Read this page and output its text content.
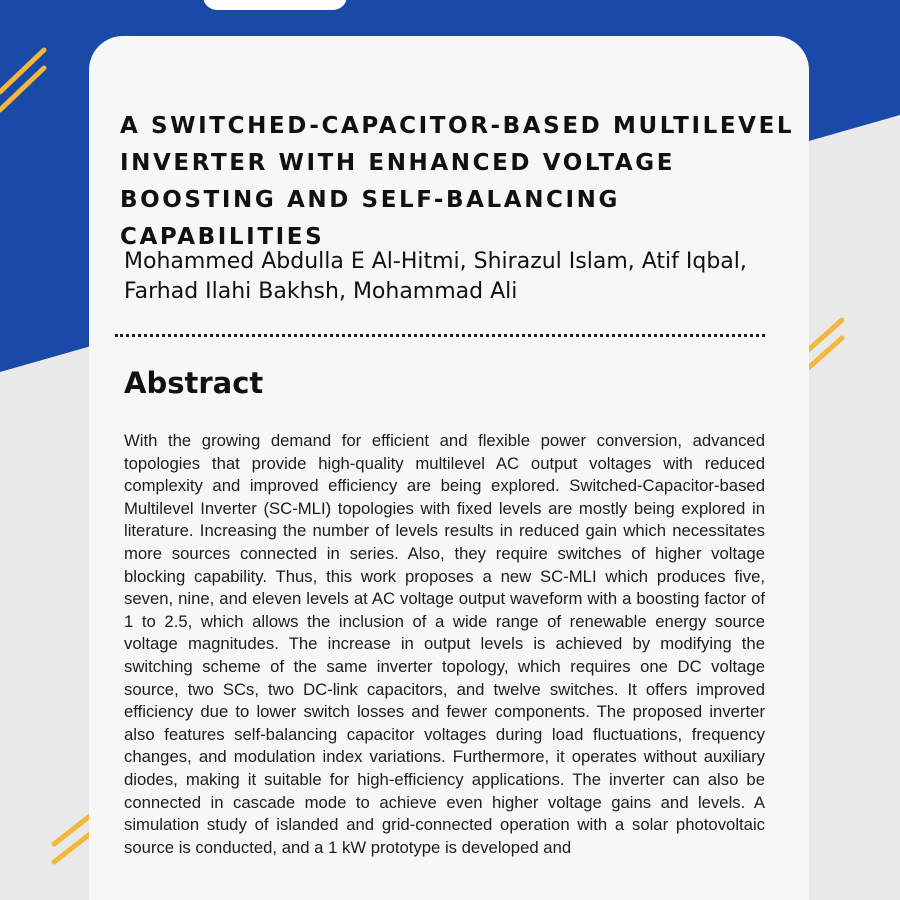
A SWITCHED-CAPACITOR-BASED MULTILEVEL INVERTER WITH ENHANCED VOLTAGE BOOSTING AND SELF-BALANCING CAPABILITIES

Mohammed Abdulla E Al-Hitmi, Shirazul Islam, Atif Iqbal, Farhad Ilahi Bakhsh, Mohammad Ali

Abstract

With the growing demand for efficient and flexible power conversion, advanced topologies that provide high-quality multilevel AC output voltages with reduced complexity and improved efficiency are being explored. Switched-Capacitor-based Multilevel Inverter (SC-MLI) topologies with fixed levels are mostly being explored in literature. Increasing the number of levels results in reduced gain which necessitates more sources connected in series. Also, they require switches of higher voltage blocking capability. Thus, this work proposes a new SC-MLI which produces five, seven, nine, and eleven levels at AC voltage output waveform with a boosting factor of 1 to 2.5, which allows the inclusion of a wide range of renewable energy source voltage magnitudes. The increase in output levels is achieved by modifying the switching scheme of the same inverter topology, which requires one DC voltage source, two SCs, two DC-link capacitors, and twelve switches. It offers improved efficiency due to lower switch losses and fewer components. The proposed inverter also features self-balancing capacitor voltages during load fluctuations, frequency changes, and modulation index variations. Furthermore, it operates without auxiliary diodes, making it suitable for high-efficiency applications. The inverter can also be connected in cascade mode to achieve even higher voltage gains and levels. A simulation study of islanded and grid-connected operation with a solar photovoltaic source is conducted, and a 1 kW prototype is developed and
